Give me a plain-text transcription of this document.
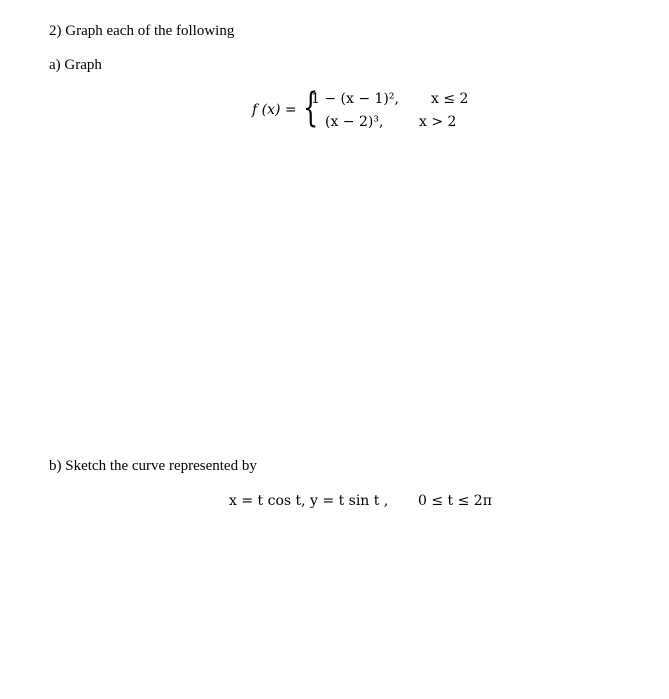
2) Graph each of the following
a) Graph
f (x) = {
1 − (x − 1)², x ≤ 2
(x − 2)³,	x > 2
b) Sketch the curve represented by
x = t cos t, y = t sin t , 0 ≤ t ≤ 2π
